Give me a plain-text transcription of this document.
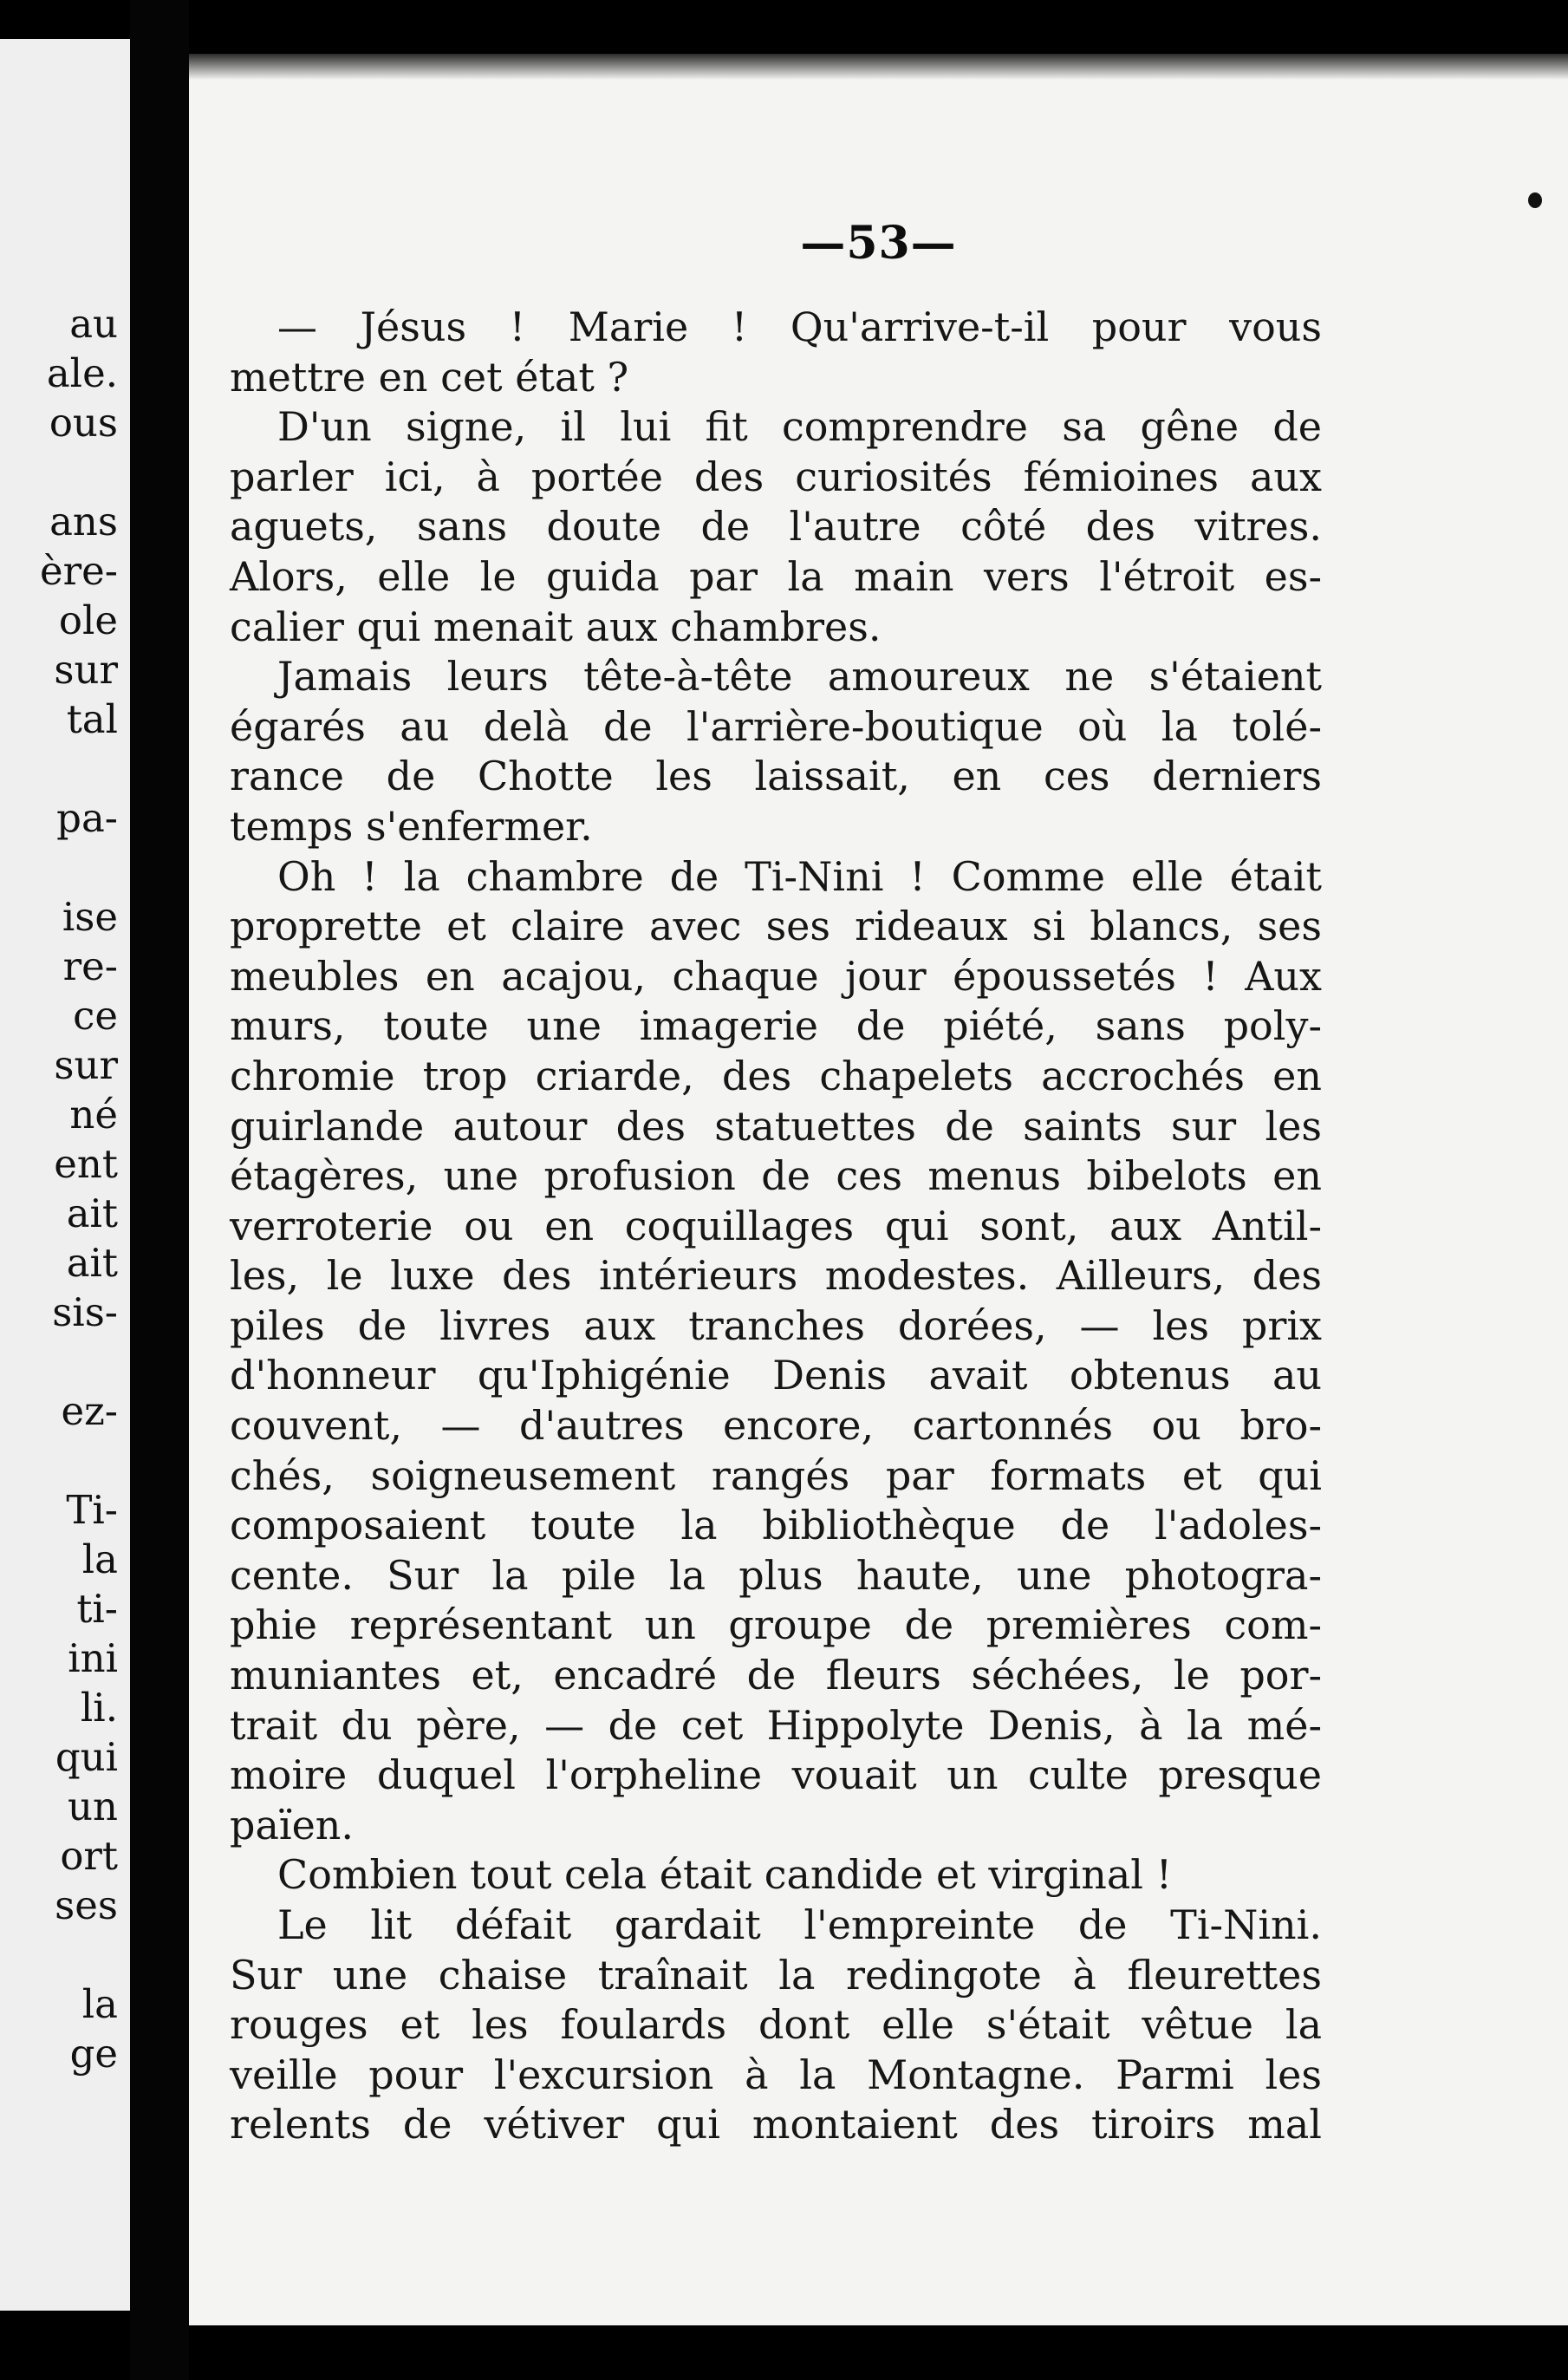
au
ale.
ous
ans
ère-
ole
sur
tal
pa-
ise
re-
ce
sur
né
ent
ait
ait
sis-
ez-
Ti-
la
ti-
ini
li.
qui
un
ort
ses
la
ge
—53—
— Jésus ! Marie ! Qu'arrive-t-il pour vous
mettre en cet état ?
D'un signe, il lui fit comprendre sa gêne de
parler ici, à portée des curiosités fémioines aux
aguets, sans doute de l'autre côté des vitres.
Alors, elle le guida par la main vers l'étroit es-
calier qui menait aux chambres.
Jamais leurs tête-à-tête amoureux ne s'étaient
égarés au delà de l'arrière-boutique où la tolé-
rance de Chotte les laissait, en ces derniers
temps s'enfermer.
Oh ! la chambre de Ti-Nini ! Comme elle était
proprette et claire avec ses rideaux si blancs, ses
meubles en acajou, chaque jour époussetés ! Aux
murs, toute une imagerie de piété, sans poly-
chromie trop criarde, des chapelets accrochés en
guirlande autour des statuettes de saints sur les
étagères, une profusion de ces menus bibelots en
verroterie ou en coquillages qui sont, aux Antil-
les, le luxe des intérieurs modestes. Ailleurs, des
piles de livres aux tranches dorées, — les prix
d'honneur qu'Iphigénie Denis avait obtenus au
couvent, — d'autres encore, cartonnés ou bro-
chés, soigneusement rangés par formats et qui
composaient toute la bibliothèque de l'adoles-
cente. Sur la pile la plus haute, une photogra-
phie représentant un groupe de premières com-
muniantes et, encadré de fleurs séchées, le por-
trait du père, — de cet Hippolyte Denis, à la mé-
moire duquel l'orpheline vouait un culte presque
païen.
Combien tout cela était candide et virginal !
Le lit défait gardait l'empreinte de Ti-Nini.
Sur une chaise traînait la redingote à fleurettes
rouges et les foulards dont elle s'était vêtue la
veille pour l'excursion à la Montagne. Parmi les
relents de vétiver qui montaient des tiroirs mal
